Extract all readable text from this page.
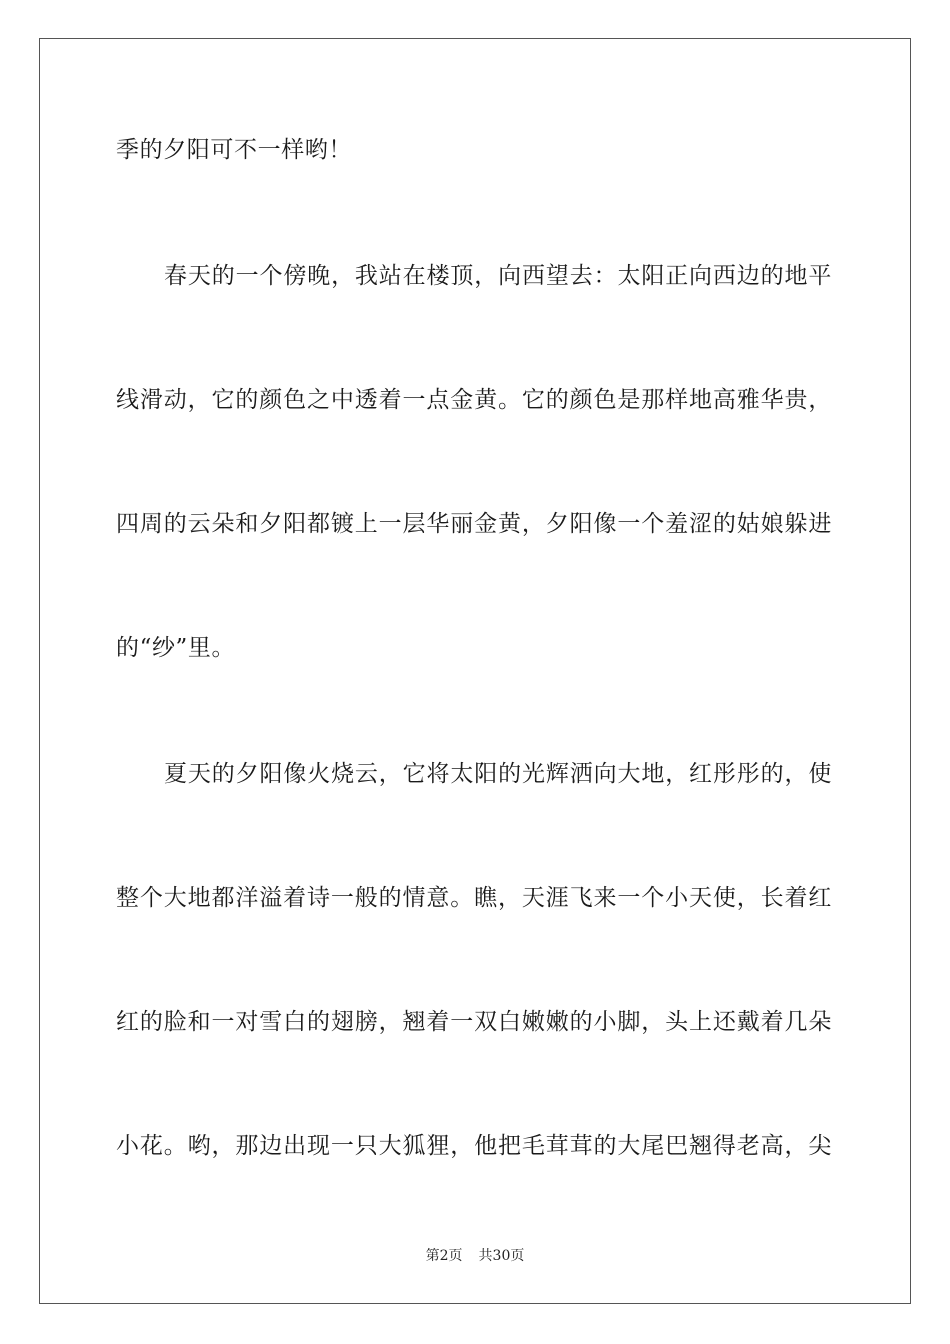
季的夕阳可不一样哟！
春天的一个傍晚，我站在楼顶，向西望去：太阳正向西边的地平
线滑动，它的颜色之中透着一点金黄。它的颜色是那样地高雅华贵，
四周的云朵和夕阳都镀上一层华丽金黄，夕阳像一个羞涩的姑娘躲进
的“纱”里。
夏天的夕阳像火烧云，它将太阳的光辉洒向大地，红彤彤的，使
整个大地都洋溢着诗一般的情意。瞧，天涯飞来一个小天使，长着红
红的脸和一对雪白的翅膀，翘着一双白嫩嫩的小脚，头上还戴着几朵
小花。哟，那边出现一只大狐狸，他把毛茸茸的大尾巴翘得老高，尖
第2页 共30页
